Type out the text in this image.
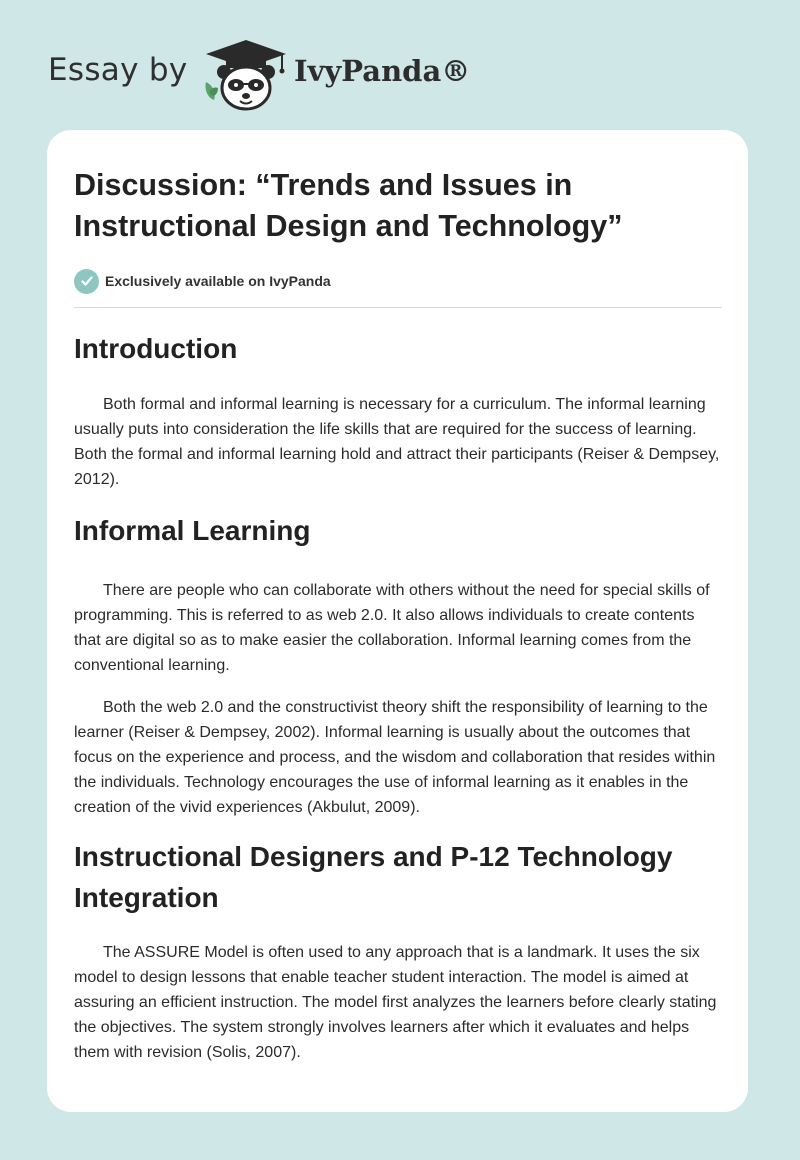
Essay by	IvyPanda®
Discussion: “Trends and Issues in Instructional Design and Technology”
Exclusively available on IvyPanda
Introduction

Both formal and informal learning is necessary for a curriculum. The informal learning usually puts into consideration the life skills that are required for the success of learning. Both the formal and informal learning hold and attract their participants (Reiser & Dempsey, 2012).

Informal Learning

There are people who can collaborate with others without the need for special skills of programming. This is referred to as web 2.0. It also allows individuals to create contents that are digital so as to make easier the collaboration. Informal learning comes from the conventional learning.

Both the web 2.0 and the constructivist theory shift the responsibility of learning to the learner (Reiser & Dempsey, 2002). Informal learning is usually about the outcomes that focus on the experience and process, and the wisdom and collaboration that resides within the individuals. Technology encourages the use of informal learning as it enables in the creation of the vivid experiences (Akbulut, 2009).

Instructional Designers and P-12 Technology Integration

The ASSURE Model is often used to any approach that is a landmark. It uses the six model to design lessons that enable teacher student interaction. The model is aimed at assuring an efficient instruction. The model first analyzes the learners before clearly stating the objectives. The system strongly involves learners after which it evaluates and helps them with revision (Solis, 2007).
